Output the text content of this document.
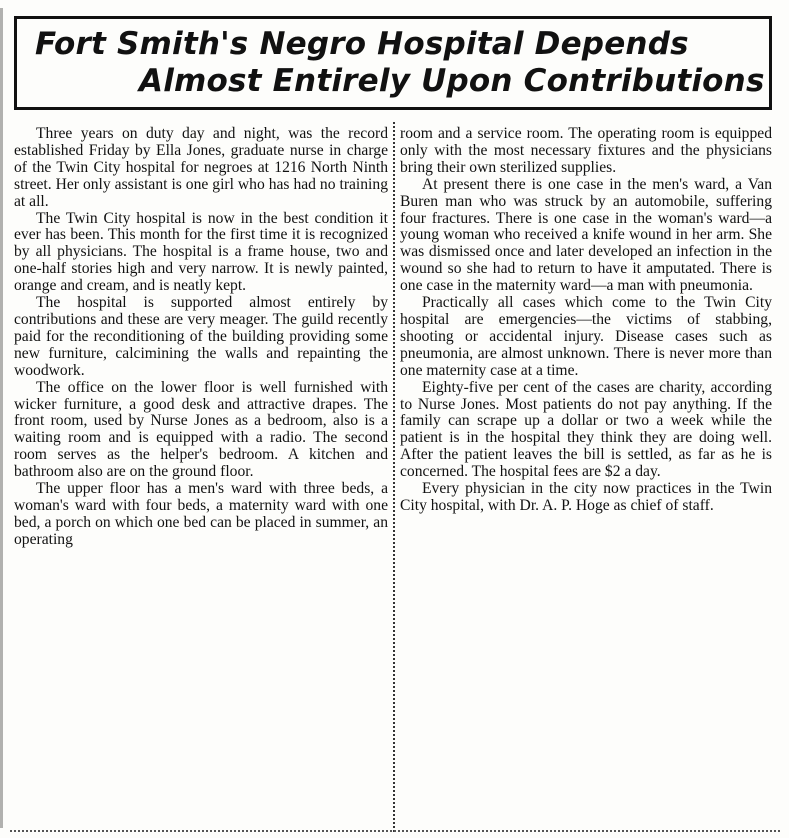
Fort Smith's Negro Hospital Depends
Almost Entirely Upon Contributions

Three years on duty day and night, was the record established Friday by Ella Jones, graduate nurse in charge of the Twin City hospital for negroes at 1216 North Ninth street. Her only assistant is one girl who has had no training at all.

The Twin City hospital is now in the best condition it ever has been. This month for the first time it is recognized by all physicians. The hospital is a frame house, two and one-half stories high and very narrow. It is newly painted, orange and cream, and is neatly kept.

The hospital is supported almost entirely by contributions and these are very meager. The guild recently paid for the reconditioning of the building providing some new furniture, calcimining the walls and repainting the woodwork.

The office on the lower floor is well furnished with wicker furniture, a good desk and attractive drapes. The front room, used by Nurse Jones as a bedroom, also is a waiting room and is equipped with a radio. The second room serves as the helper's bedroom. A kitchen and bathroom also are on the ground floor.

The upper floor has a men's ward with three beds, a woman's ward with four beds, a maternity ward with one bed, a porch on which one bed can be placed in summer, an operating

room and a service room. The operating room is equipped only with the most necessary fixtures and the physicians bring their own sterilized supplies.

At present there is one case in the men's ward, a Van Buren man who was struck by an automobile, suffering four fractures. There is one case in the woman's ward—a young woman who received a knife wound in her arm. She was dismissed once and later developed an infection in the wound so she had to return to have it amputated. There is one case in the maternity ward—a man with pneumonia.

Practically all cases which come to the Twin City hospital are emergencies—the victims of stabbing, shooting or accidental injury. Disease cases such as pneumonia, are almost unknown. There is never more than one maternity case at a time.

Eighty-five per cent of the cases are charity, according to Nurse Jones. Most patients do not pay anything. If the family can scrape up a dollar or two a week while the patient is in the hospital they think they are doing well. After the patient leaves the bill is settled, as far as he is concerned. The hospital fees are $2 a day.

Every physician in the city now practices in the Twin City hospital, with Dr. A. P. Hoge as chief of staff.
